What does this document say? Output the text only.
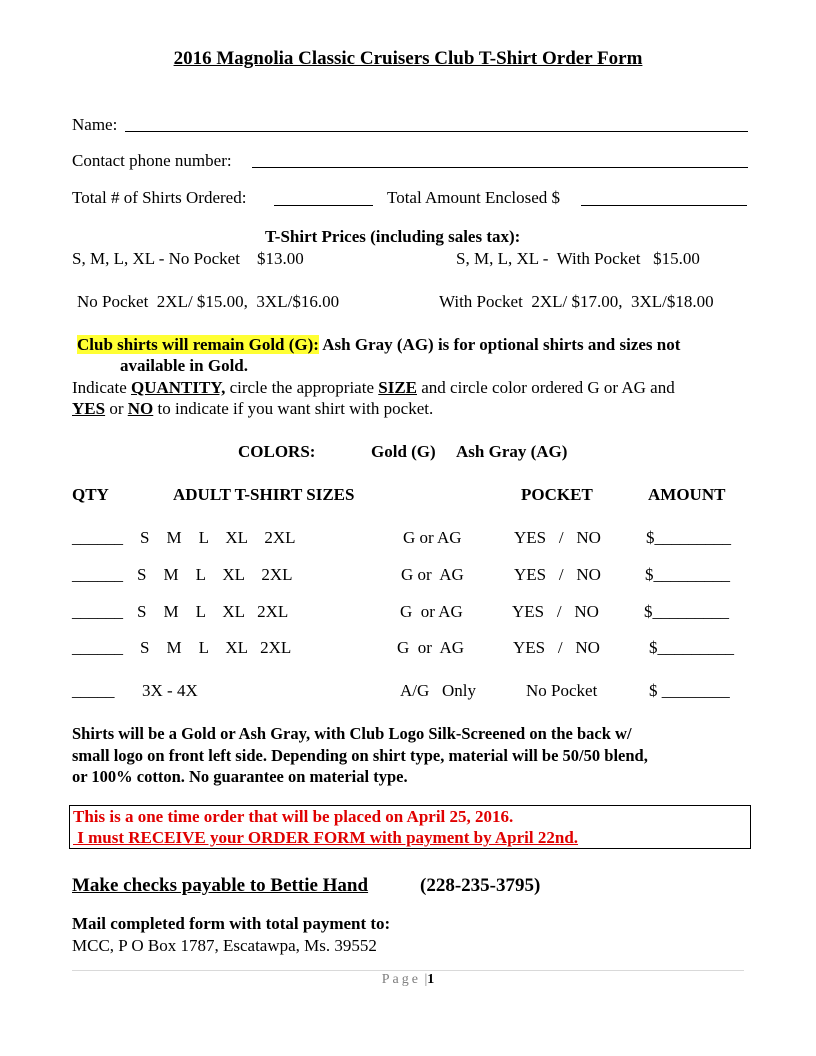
2016 Magnolia Classic Cruisers Club T-Shirt Order Form
Name:
Contact phone number:
Total # of Shirts Ordered:	Total Amount Enclosed $
T-Shirt Prices (including sales tax):
S, M, L, XL - No Pocket    $13.00	S, M, L, XL -  With Pocket   $15.00
No Pocket  2XL/ $15.00,  3XL/$16.00	With Pocket  2XL/ $17.00,  3XL/$18.00
Club shirts will remain Gold (G): Ash Gray (AG) is for optional shirts and sizes not
available in Gold.
Indicate QUANTITY, circle the appropriate SIZE and circle color ordered G or AG and
YES or NO to indicate if you want shirt with pocket.
COLORS:	Gold (G) Ash Gray (AG)
QTY	ADULT T-SHIRT SIZES	POCKET	AMOUNT
______ S    M    L    XL    2XL	G or AG	YES   /   NO	$_________
______ S    M    L    XL    2XL	G or  AG	YES   /   NO	$_________
______ S    M    L    XL   2XL	G  or AG	YES   /   NO	$_________
______ S    M    L    XL   2XL	G  or  AG	YES   /   NO	$_________
_____ 3X - 4X	A/G   Only	No Pocket	$ ________
Shirts will be a Gold or Ash Gray, with Club Logo Silk-Screened on the back w/
small logo on front left side. Depending on shirt type, material will be 50/50 blend,
or 100% cotton. No guarantee on material type.
This is a one time order that will be placed on April 25, 2016.
I must RECEIVE your ORDER FORM with payment by April 22nd.
Make checks payable to Bettie Hand	(228-235-3795)
Mail completed form with total payment to:
MCC, P O Box 1787, Escatawpa, Ms. 39552
Page |1
